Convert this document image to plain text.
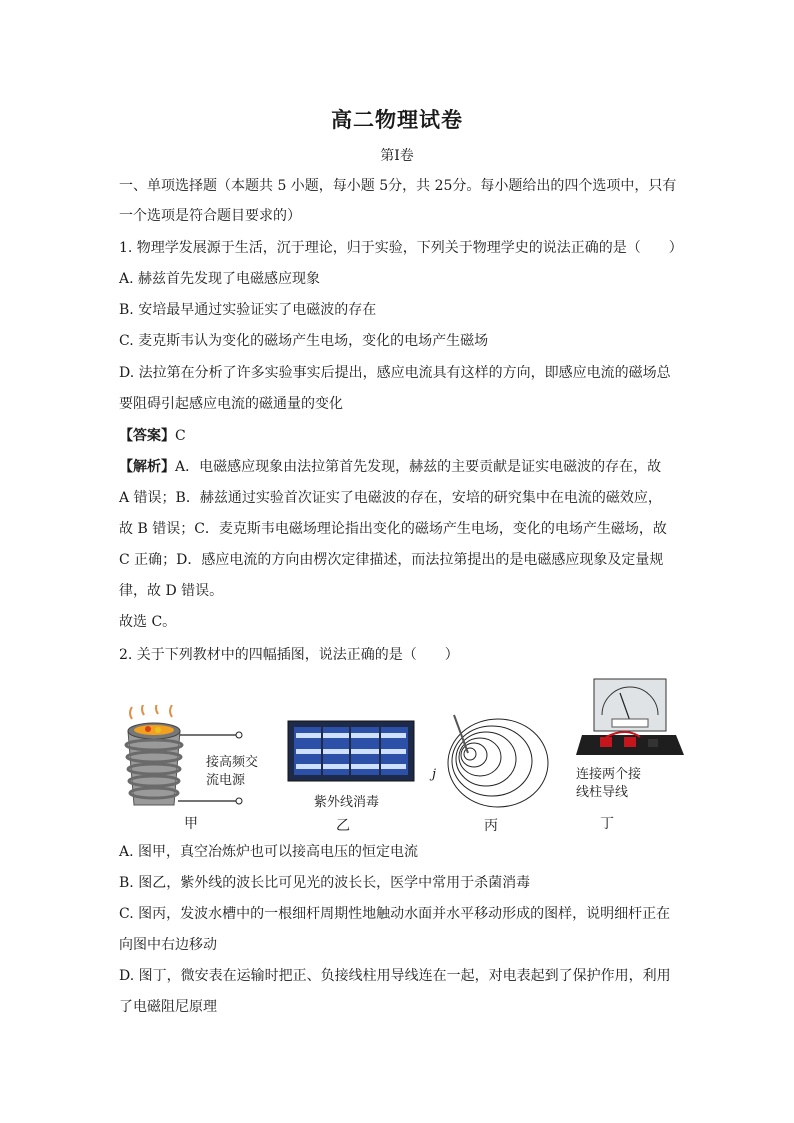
高二物理试卷
第I卷
一、单项选择题（本题共 5 小题，每小题 5分，共 25分。每小题给出的四个选项中，只有
一个选项是符合题目要求的）
1. 物理学发展源于生活，沉于理论，归于实验，下列关于物理学史的说法正确的是（　　）
A. 赫兹首先发现了电磁感应现象
B. 安培最早通过实验证实了电磁波的存在
C. 麦克斯韦认为变化的磁场产生电场，变化的电场产生磁场
D. 法拉第在分析了许多实验事实后提出，感应电流具有这样的方向，即感应电流的磁场总
要阻碍引起感应电流的磁通量的变化
【答案】C
【解析】A．电磁感应现象由法拉第首先发现，赫兹的主要贡献是证实电磁波的存在，故
A 错误；B．赫兹通过实验首次证实了电磁波的存在，安培的研究集中在电流的磁效应，
故 B 错误；C．麦克斯韦电磁场理论指出变化的磁场产生电场，变化的电场产生磁场，故
C 正确；D．感应电流的方向由楞次定律描述，而法拉第提出的是电磁感应现象及定量规
律，故 D 错误。
故选 C。
2. 关于下列教材中的四幅插图，说法正确的是（　　）
接高频交
流电源
甲
紫外线消毒
乙
j
丙
连接两个接
线柱导线
丁
A. 图甲，真空冶炼炉也可以接高电压的恒定电流
B. 图乙，紫外线的波长比可见光的波长长，医学中常用于杀菌消毒
C. 图丙，发波水槽中的一根细杆周期性地触动水面并水平移动形成的图样，说明细杆正在
向图中右边移动
D. 图丁，微安表在运输时把正、负接线柱用导线连在一起，对电表起到了保护作用，利用
了电磁阻尼原理
